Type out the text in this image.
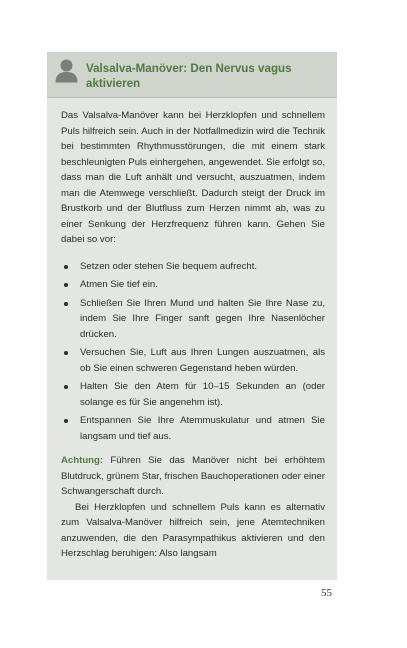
Valsalva-Manöver: Den Nervus vagus aktivieren

Das Valsalva-Manöver kann bei Herzklopfen und schnellem Puls hilfreich sein. Auch in der Notfallmedizin wird die Technik bei bestimmten Rhythmusstörungen, die mit einem stark beschleunigten Puls einhergehen, angewendet. Sie erfolgt so, dass man die Luft anhält und versucht, auszuatmen, indem man die Atemwege verschließt. Dadurch steigt der Druck im Brustkorb und der Blutfluss zum Herzen nimmt ab, was zu einer Senkung der Herzfrequenz führen kann. Gehen Sie dabei so vor:

Setzen oder stehen Sie bequem aufrecht.
Atmen Sie tief ein.
Schließen Sie Ihren Mund und halten Sie Ihre Nase zu, indem Sie Ihre Finger sanft gegen Ihre Nasenlöcher drücken.
Versuchen Sie, Luft aus Ihren Lungen auszuatmen, als ob Sie einen schweren Gegenstand heben würden.
Halten Sie den Atem für 10–15 Sekunden an (oder solange es für Sie angenehm ist).
Entspannen Sie Ihre Atemmuskulatur und atmen Sie langsam und tief aus.

Achtung: Führen Sie das Manöver nicht bei erhöhtem Blutdruck, grünem Star, frischen Bauchoperationen oder einer Schwangerschaft durch.

Bei Herzklopfen und schnellem Puls kann es alternativ zum Valsalva-Manöver hilfreich sein, jene Atemtechniken anzuwenden, die den Parasympathikus aktivieren und den Herzschlag beruhigen: Also langsam

55
